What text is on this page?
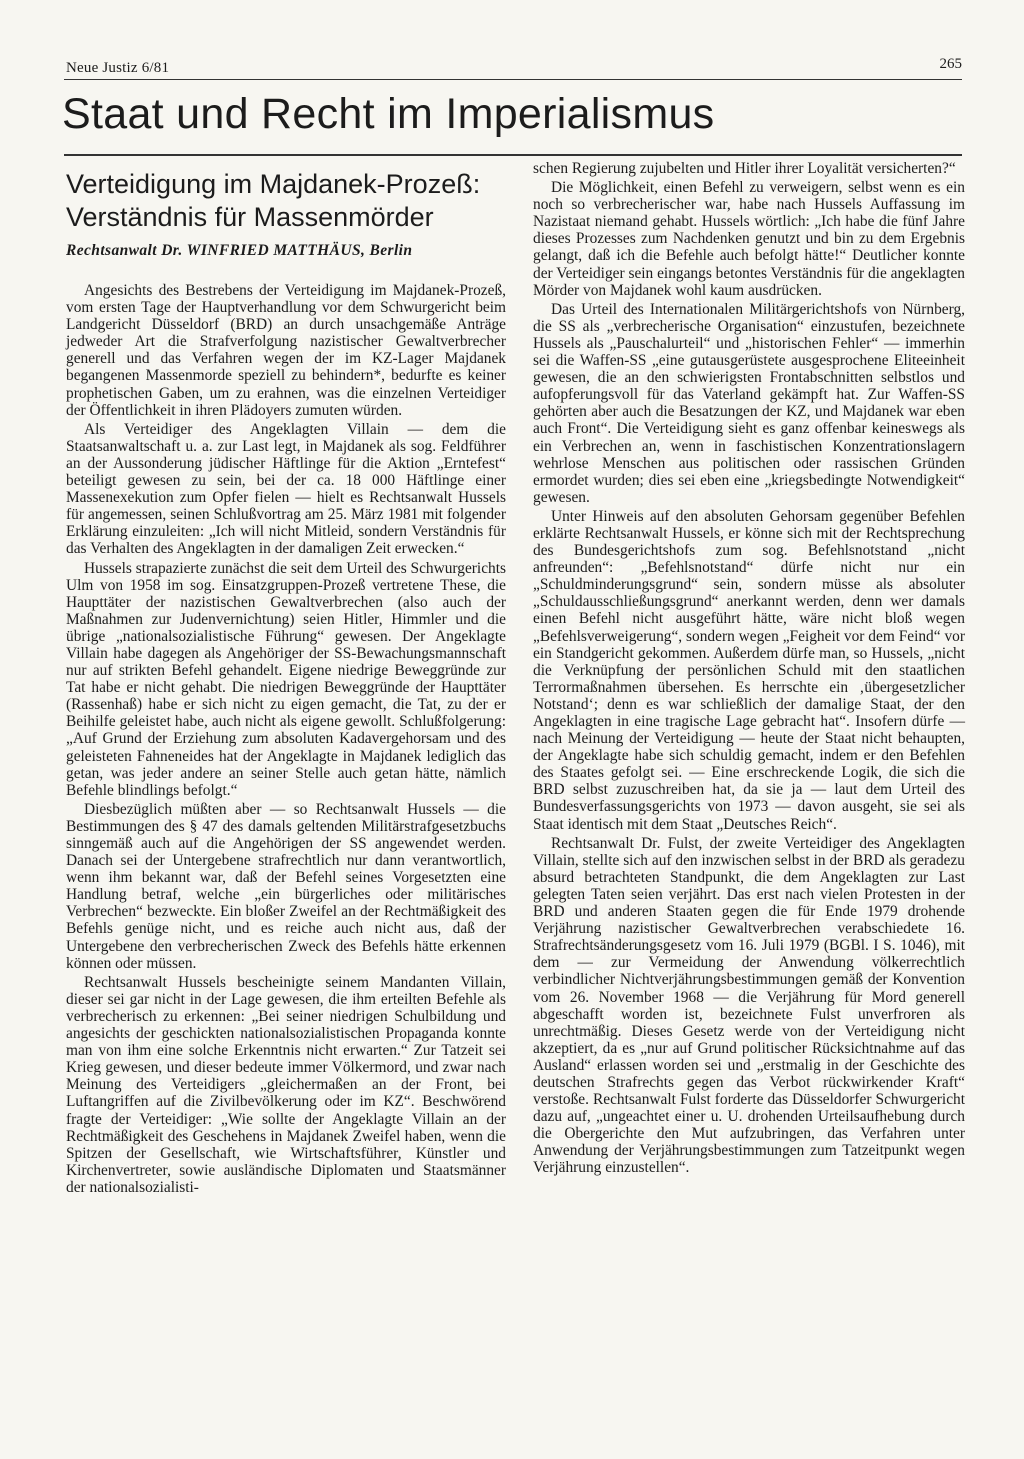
Neue Justiz 6/81	265
Staat und Recht im Imperialismus
Verteidigung im Majdanek-Prozeß:
Verständnis für Massenmörder
Rechtsanwalt Dr. WINFRIED MATTHÄUS, Berlin

Angesichts des Bestrebens der Verteidigung im Majdanek-Prozeß, vom ersten Tage der Hauptverhandlung vor dem Schwurgericht beim Landgericht Düsseldorf (BRD) an durch unsachgemäße Anträge jedweder Art die Strafverfolgung nazistischer Gewaltverbrecher generell und das Verfahren wegen der im KZ-Lager Majdanek begangenen Massenmorde speziell zu behindern*, bedurfte es keiner prophetischen Gaben, um zu erahnen, was die einzelnen Verteidiger der Öffentlichkeit in ihren Plädoyers zumuten würden.

Als Verteidiger des Angeklagten Villain — dem die Staatsanwaltschaft u. a. zur Last legt, in Majdanek als sog. Feldführer an der Aussonderung jüdischer Häftlinge für die Aktion „Erntefest“ beteiligt gewesen zu sein, bei der ca. 18 000 Häftlinge einer Massenexekution zum Opfer fielen — hielt es Rechtsanwalt Hussels für angemessen, seinen Schlußvortrag am 25. März 1981 mit folgender Erklärung einzuleiten: „Ich will nicht Mitleid, sondern Verständnis für das Verhalten des Angeklagten in der damaligen Zeit erwecken.“

Hussels strapazierte zunächst die seit dem Urteil des Schwurgerichts Ulm von 1958 im sog. Einsatzgruppen-Prozeß vertretene These, die Haupttäter der nazistischen Gewaltverbrechen (also auch der Maßnahmen zur Judenvernichtung) seien Hitler, Himmler und die übrige „nationalsozialistische Führung“ gewesen. Der Angeklagte Villain habe dagegen als Angehöriger der SS-Bewachungsmannschaft nur auf strikten Befehl gehandelt. Eigene niedrige Beweggründe zur Tat habe er nicht gehabt. Die niedrigen Beweggründe der Haupttäter (Rassenhaß) habe er sich nicht zu eigen gemacht, die Tat, zu der er Beihilfe geleistet habe, auch nicht als eigene gewollt. Schlußfolgerung: „Auf Grund der Erziehung zum absoluten Kadavergehorsam und des geleisteten Fahneneides hat der Angeklagte in Majdanek lediglich das getan, was jeder andere an seiner Stelle auch getan hätte, nämlich Befehle blindlings befolgt.“

Diesbezüglich müßten aber — so Rechtsanwalt Hussels — die Bestimmungen des § 47 des damals geltenden Militärstrafgesetzbuchs sinngemäß auch auf die Angehörigen der SS angewendet werden. Danach sei der Untergebene strafrechtlich nur dann verantwortlich, wenn ihm bekannt war, daß der Befehl seines Vorgesetzten eine Handlung betraf, welche „ein bürgerliches oder militärisches Verbrechen“ bezweckte. Ein bloßer Zweifel an der Rechtmäßigkeit des Befehls genüge nicht, und es reiche auch nicht aus, daß der Untergebene den verbrecherischen Zweck des Befehls hätte erkennen können oder müssen.

Rechtsanwalt Hussels bescheinigte seinem Mandanten Villain, dieser sei gar nicht in der Lage gewesen, die ihm erteilten Befehle als verbrecherisch zu erkennen: „Bei seiner niedrigen Schulbildung und angesichts der geschickten nationalsozialistischen Propaganda konnte man von ihm eine solche Erkenntnis nicht erwarten.“ Zur Tatzeit sei Krieg gewesen, und dieser bedeute immer Völkermord, und zwar nach Meinung des Verteidigers „gleichermaßen an der Front, bei Luftangriffen auf die Zivilbevölkerung oder im KZ“. Beschwörend fragte der Verteidiger: „Wie sollte der Angeklagte Villain an der Rechtmäßigkeit des Geschehens in Majdanek Zweifel haben, wenn die Spitzen der Gesellschaft, wie Wirtschaftsführer, Künstler und Kirchenvertreter, sowie ausländische Diplomaten und Staatsmänner der nationalsozialisti-

schen Regierung zujubelten und Hitler ihrer Loyalität versicherten?“

Die Möglichkeit, einen Befehl zu verweigern, selbst wenn es ein noch so verbrecherischer war, habe nach Hussels Auffassung im Nazistaat niemand gehabt. Hussels wörtlich: „Ich habe die fünf Jahre dieses Prozesses zum Nachdenken genutzt und bin zu dem Ergebnis gelangt, daß ich die Befehle auch befolgt hätte!“ Deutlicher konnte der Verteidiger sein eingangs betontes Verständnis für die angeklagten Mörder von Majdanek wohl kaum ausdrücken.

Das Urteil des Internationalen Militärgerichtshofs von Nürnberg, die SS als „verbrecherische Organisation“ einzustufen, bezeichnete Hussels als „Pauschalurteil“ und „historischen Fehler“ — immerhin sei die Waffen-SS „eine gutausgerüstete ausgesprochene Eliteeinheit gewesen, die an den schwierigsten Frontabschnitten selbstlos und aufopferungsvoll für das Vaterland gekämpft hat. Zur Waffen-SS gehörten aber auch die Besatzungen der KZ, und Majdanek war eben auch Front“. Die Verteidigung sieht es ganz offenbar keineswegs als ein Verbrechen an, wenn in faschistischen Konzentrationslagern wehrlose Menschen aus politischen oder rassischen Gründen ermordet wurden; dies sei eben eine „kriegsbedingte Notwendigkeit“ gewesen.

Unter Hinweis auf den absoluten Gehorsam gegenüber Befehlen erklärte Rechtsanwalt Hussels, er könne sich mit der Rechtsprechung des Bundesgerichtshofs zum sog. Befehlsnotstand „nicht anfreunden“: „Befehlsnotstand“ dürfe nicht nur ein „Schuldminderungsgrund“ sein, sondern müsse als absoluter „Schuldausschließungsgrund“ anerkannt werden, denn wer damals einen Befehl nicht ausgeführt hätte, wäre nicht bloß wegen „Befehlsverweigerung“, sondern wegen „Feigheit vor dem Feind“ vor ein Standgericht gekommen. Außerdem dürfe man, so Hussels, „nicht die Verknüpfung der persönlichen Schuld mit den staatlichen Terrormaßnahmen übersehen. Es herrschte ein ‚übergesetzlicher Notstand‘; denn es war schließlich der damalige Staat, der den Angeklagten in eine tragische Lage gebracht hat“. Insofern dürfe — nach Meinung der Verteidigung — heute der Staat nicht behaupten, der Angeklagte habe sich schuldig gemacht, indem er den Befehlen des Staates gefolgt sei. — Eine erschreckende Logik, die sich die BRD selbst zuzuschreiben hat, da sie ja — laut dem Urteil des Bundesverfassungsgerichts von 1973 — davon ausgeht, sie sei als Staat identisch mit dem Staat „Deutsches Reich“.

Rechtsanwalt Dr. Fulst, der zweite Verteidiger des Angeklagten Villain, stellte sich auf den inzwischen selbst in der BRD als geradezu absurd betrachteten Standpunkt, die dem Angeklagten zur Last gelegten Taten seien verjährt. Das erst nach vielen Protesten in der BRD und anderen Staaten gegen die für Ende 1979 drohende Verjährung nazistischer Gewaltverbrechen verabschiedete 16. Strafrechtsänderungsgesetz vom 16. Juli 1979 (BGBl. I S. 1046), mit dem — zur Vermeidung der Anwendung völkerrechtlich verbindlicher Nichtverjährungsbestimmungen gemäß der Konvention vom 26. November 1968 — die Verjährung für Mord generell abgeschafft worden ist, bezeichnete Fulst unverfroren als unrechtmäßig. Dieses Gesetz werde von der Verteidigung nicht akzeptiert, da es „nur auf Grund politischer Rücksichtnahme auf das Ausland“ erlassen worden sei und „erstmalig in der Geschichte des deutschen Strafrechts gegen das Verbot rückwirkender Kraft“ verstoße. Rechtsanwalt Fulst forderte das Düsseldorfer Schwurgericht dazu auf, „ungeachtet einer u. U. drohenden Urteilsaufhebung durch die Obergerichte den Mut aufzubringen, das Verfahren unter Anwendung der Verjährungsbestimmungen zum Tatzeitpunkt wegen Verjährung einzustellen“.
